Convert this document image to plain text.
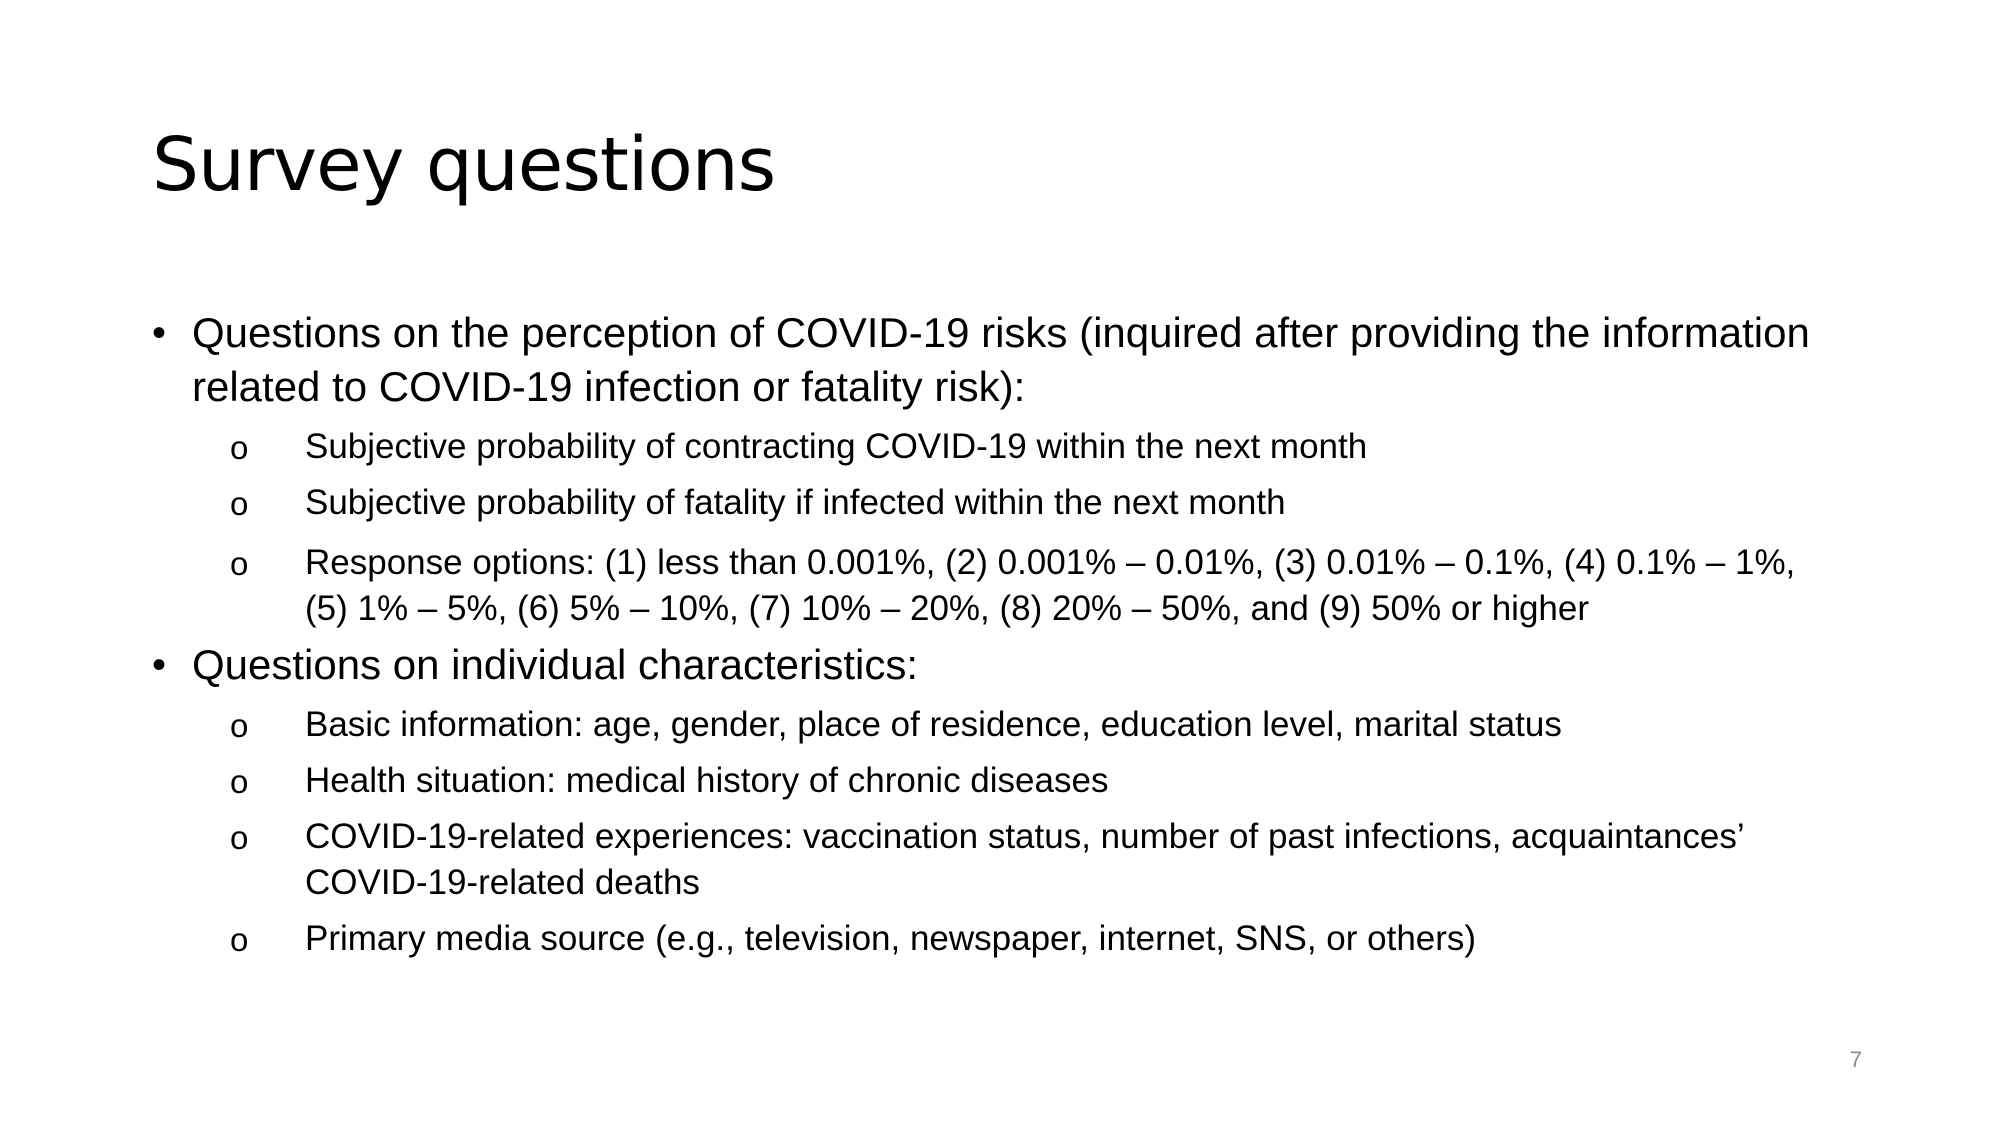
Survey questions
• Questions on the perception of COVID-19 risks (inquired after providing the information related to COVID-19 infection or fatality risk):
o Subjective probability of contracting COVID-19 within the next month
o Subjective probability of fatality if infected within the next month
o Response options: (1) less than 0.001%, (2) 0.001% – 0.01%, (3) 0.01% – 0.1%, (4) 0.1% – 1%, (5) 1% – 5%, (6) 5% – 10%, (7) 10% – 20%, (8) 20% – 50%, and (9) 50% or higher
• Questions on individual characteristics:
o Basic information: age, gender, place of residence, education level, marital status
o Health situation: medical history of chronic diseases
o COVID-19-related experiences: vaccination status, number of past infections, acquaintances’ COVID-19-related deaths
o Primary media source (e.g., television, newspaper, internet, SNS, or others)
7
